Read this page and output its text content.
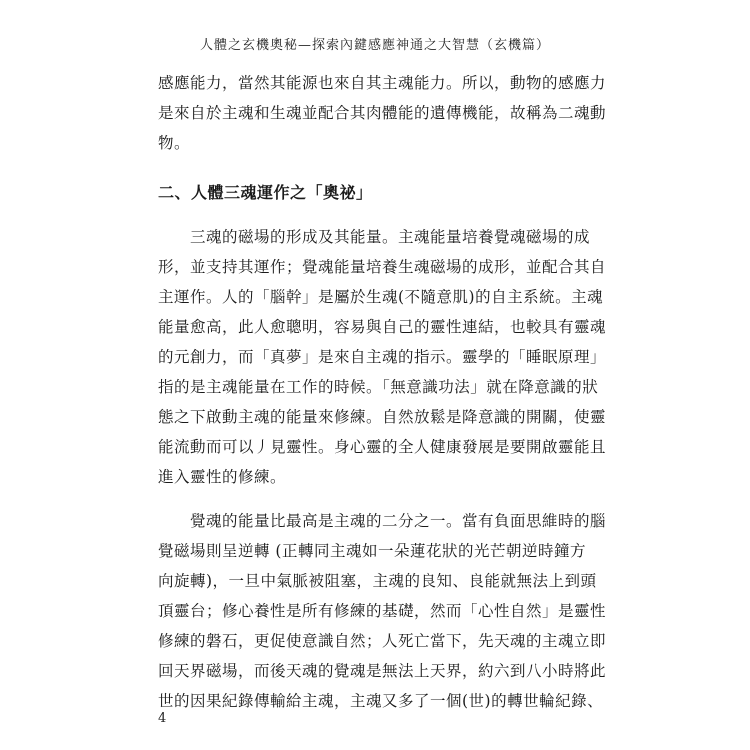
人體之玄機奧秘—探索內鍵感應神通之大智慧（玄機篇）
感應能力，當然其能源也來自其主魂能力。所以，動物的感應力
是來自於主魂和生魂並配合其肉體能的遺傳機能，故稱為二魂動
物。
二、人體三魂運作之「奧祕」
　　三魂的磁場的形成及其能量。主魂能量培養覺魂磁場的成
形，並支持其運作；覺魂能量培養生魂磁場的成形，並配合其自
主運作。人的「腦幹」是屬於生魂(不隨意肌)的自主系統。主魂
能量愈高，此人愈聰明，容易與自己的靈性連結，也較具有靈魂
的元創力，而「真夢」是來自主魂的指示。靈學的「睡眠原理」
指的是主魂能量在工作的時候。「無意識功法」就在降意識的狀
態之下啟動主魂的能量來修練。自然放鬆是降意識的開關，使靈
能流動而可以丿見靈性。身心靈的全人健康發展是要開啟靈能且
進入靈性的修練。
　　覺魂的能量比最高是主魂的二分之一。當有負面思維時的腦
覺磁場則呈逆轉 (正轉同主魂如一朵蓮花狀的光芒朝逆時鐘方
向旋轉)，一旦中氣脈被阻塞，主魂的良知、良能就無法上到頭
頂靈台；修心養性是所有修練的基礎，然而「心性自然」是靈性
修練的磐石，更促使意識自然；人死亡當下，先天魂的主魂立即
回天界磁場，而後天魂的覺魂是無法上天界，約六到八小時將此
世的因果紀錄傳輸給主魂，主魂又多了一個(世)的轉世輪紀錄、
4
